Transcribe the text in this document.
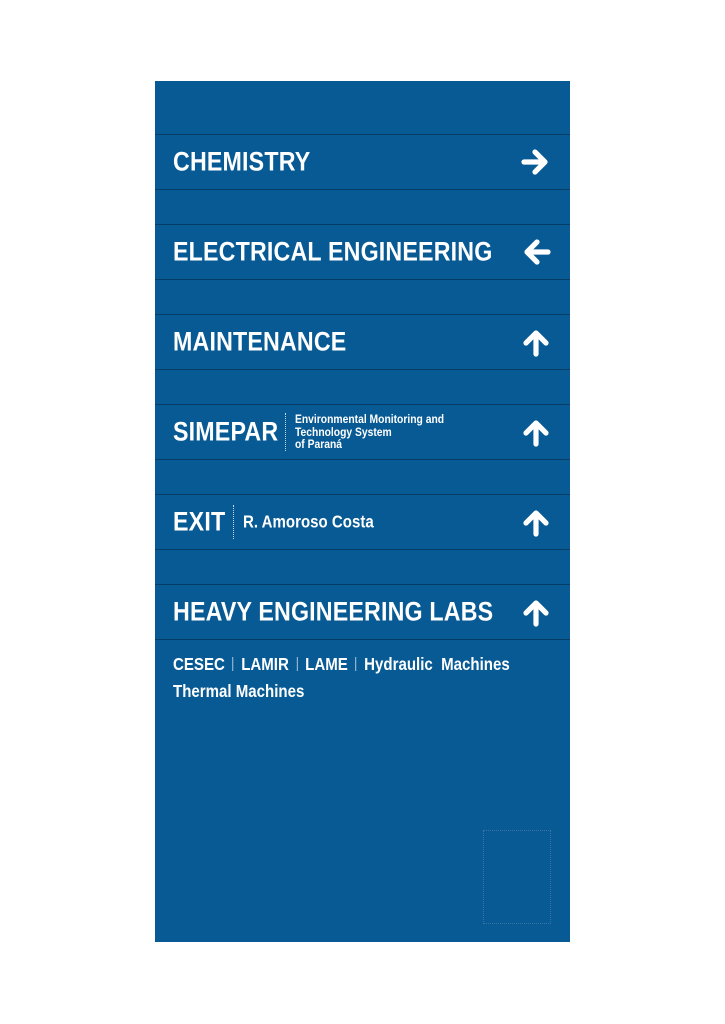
CHEMISTRY
ELECTRICAL ENGINEERING
MAINTENANCE
SIMEPAR Environmental Monitoring and
Technology System
of Paraná
EXIT R. Amoroso Costa
HEAVY ENGINEERING LABS
CESEC LAMIR LAME Hydraulic  Machines
Thermal Machines
